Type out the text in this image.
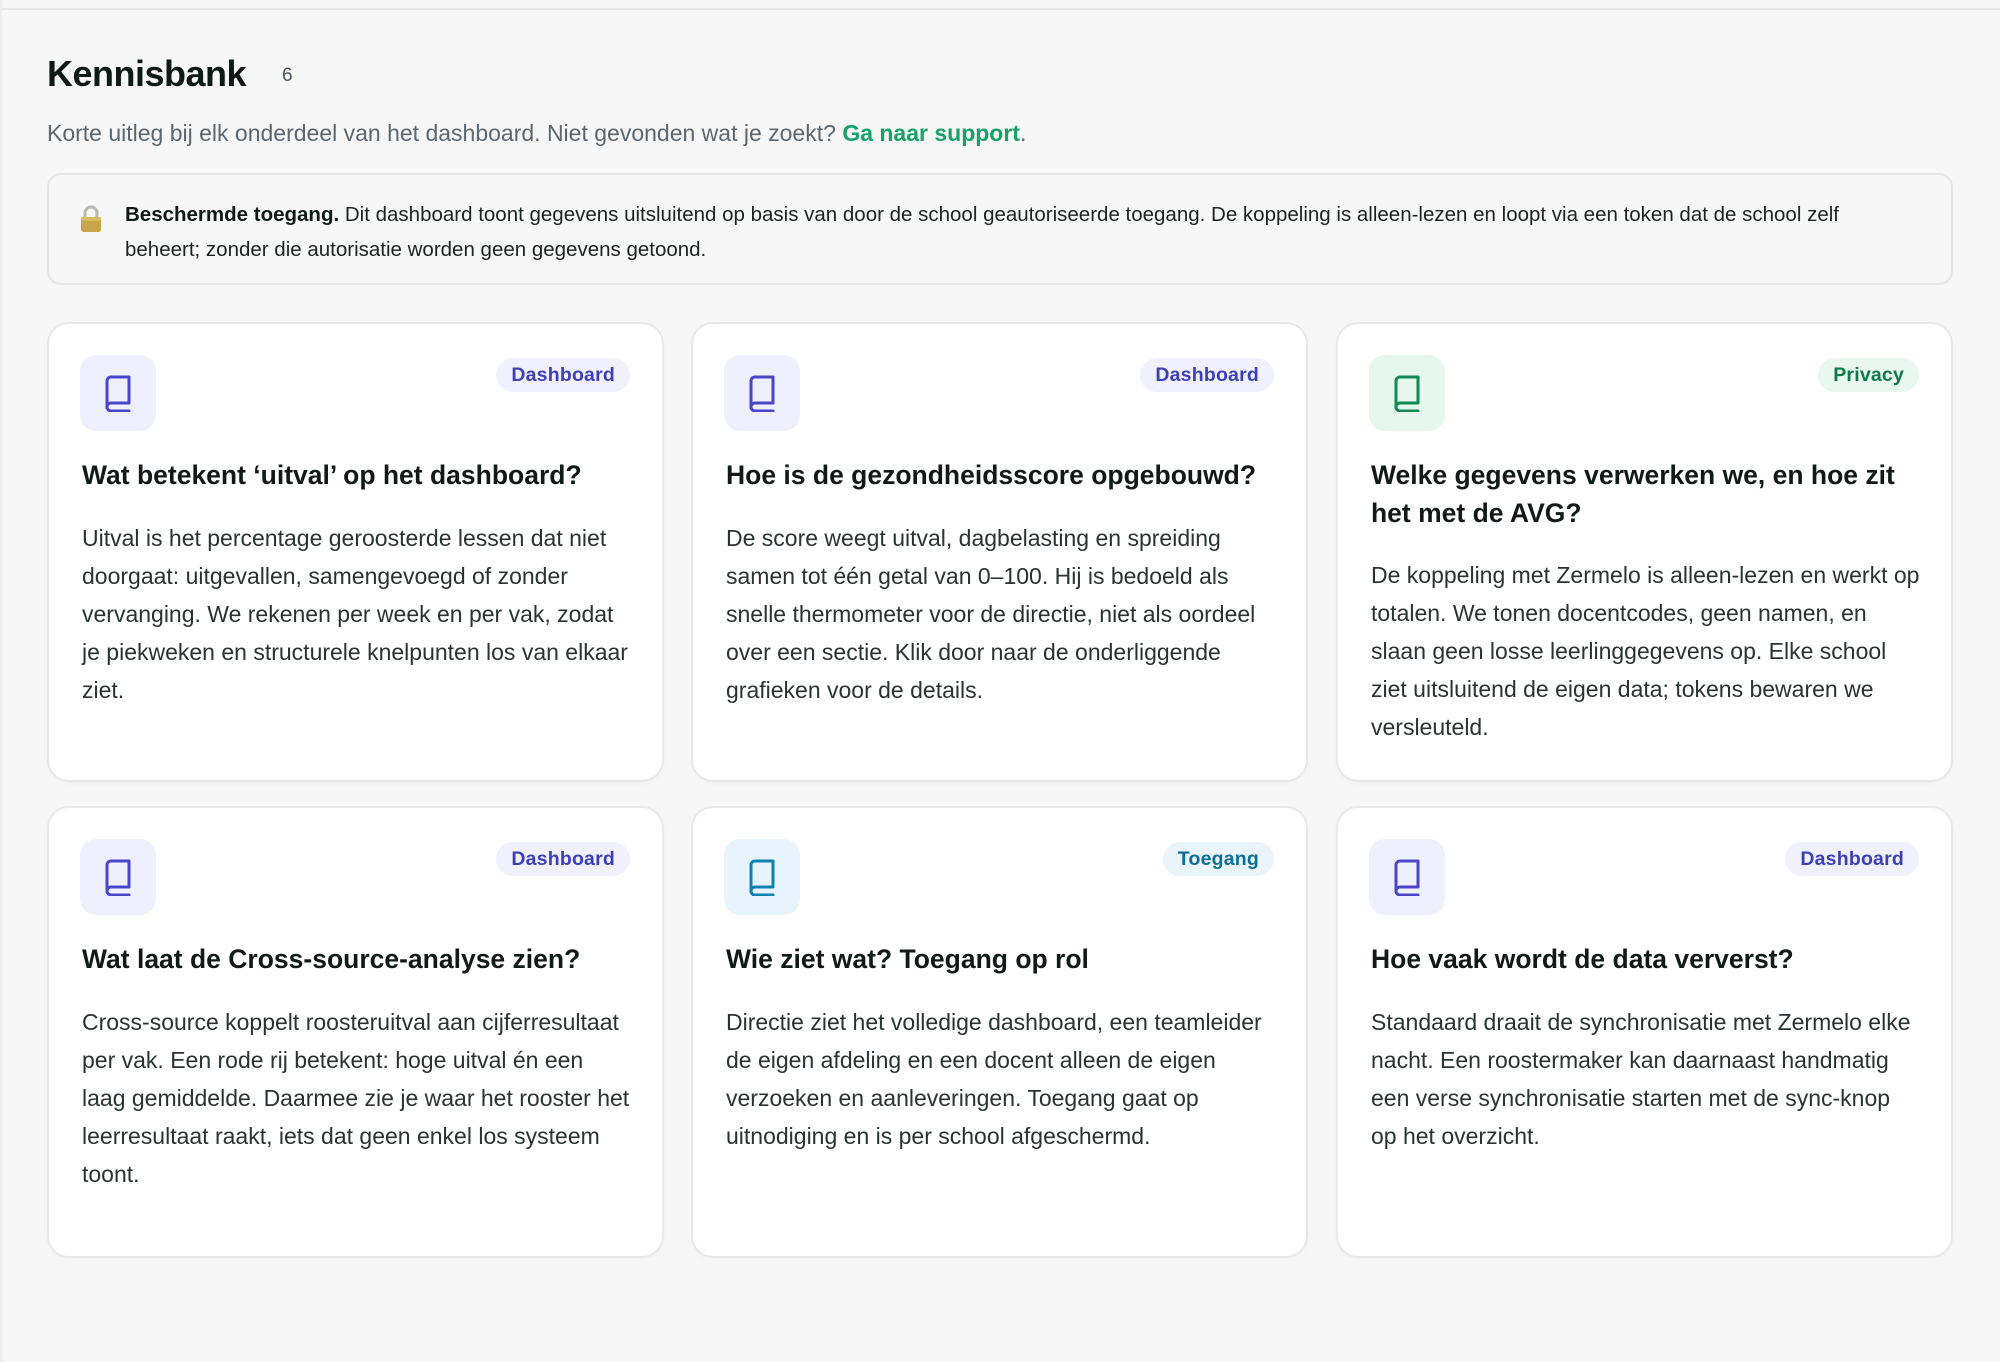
Kennisbank 6
Korte uitleg bij elk onderdeel van het dashboard. Niet gevonden wat je zoekt? Ga naar support.
Beschermde toegang. Dit dashboard toont gegevens uitsluitend op basis van door de school geautoriseerde toegang. De koppeling is alleen-lezen en loopt via een token dat de school zelf beheert; zonder die autorisatie worden geen gegevens getoond.
Dashboard
Wat betekent ‘uitval’ op het dashboard?
Uitval is het percentage geroosterde lessen dat niet doorgaat: uitgevallen, samengevoegd of zonder vervanging. We rekenen per week en per vak, zodat je piekweken en structurele knelpunten los van elkaar ziet.
Dashboard
Hoe is de gezondheidsscore opgebouwd?
De score weegt uitval, dagbelasting en spreiding samen tot één getal van 0–100. Hij is bedoeld als snelle thermometer voor de directie, niet als oordeel over een sectie. Klik door naar de onderliggende grafieken voor de details.
Privacy
Welke gegevens verwerken we, en hoe zit het met de AVG?
De koppeling met Zermelo is alleen-lezen en werkt op totalen. We tonen docentcodes, geen namen, en slaan geen losse leerlinggegevens op. Elke school ziet uitsluitend de eigen data; tokens bewaren we versleuteld.
Dashboard
Wat laat de Cross-source-analyse zien?
Cross-source koppelt roosteruitval aan cijferresultaat per vak. Een rode rij betekent: hoge uitval én een laag gemiddelde. Daarmee zie je waar het rooster het leerresultaat raakt, iets dat geen enkel los systeem toont.
Toegang
Wie ziet wat? Toegang op rol
Directie ziet het volledige dashboard, een teamleider de eigen afdeling en een docent alleen de eigen verzoeken en aanleveringen. Toegang gaat op uitnodiging en is per school afgeschermd.
Dashboard
Hoe vaak wordt de data ververst?
Standaard draait de synchronisatie met Zermelo elke nacht. Een roostermaker kan daarnaast handmatig een verse synchronisatie starten met de sync-knop op het overzicht.
